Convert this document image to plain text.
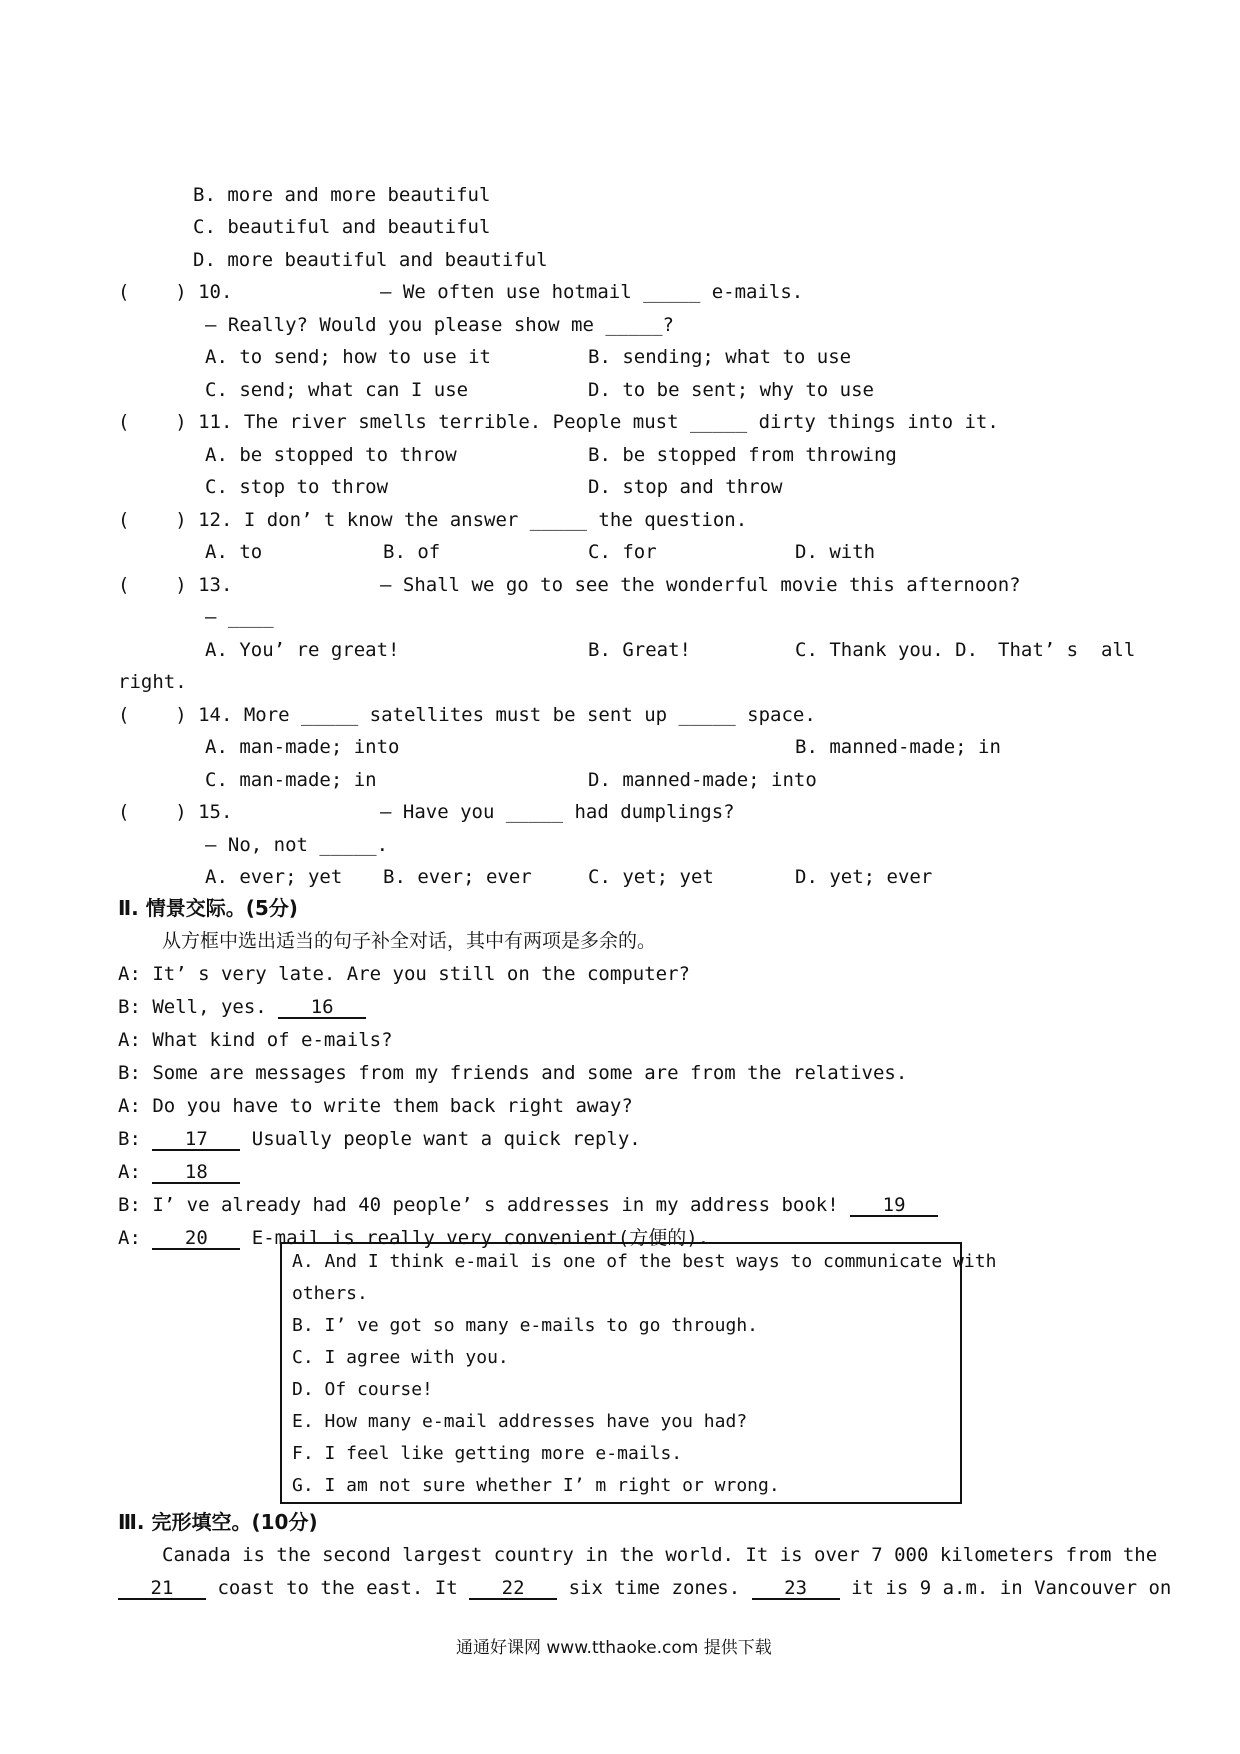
B. more and more beautiful
C. beautiful and beautiful
D. more beautiful and beautiful
(    ) 10.	— We often use hotmail _____ e-mails.
— Really? Would you please show me _____?
A. to send; how to use it	B. sending; what to use
C. send; what can I use	D. to be sent; why to use
(    ) 11. The river smells terrible. People must _____ dirty things into it.
A. be stopped to throw	B. be stopped from throwing
C. stop to throw	D. stop and throw
(    ) 12. I don’ t know the answer _____ the question.
A. to	B. of	C. for	D. with
(    ) 13.	— Shall we go to see the wonderful movie this afternoon?
— ____
A. You’ re great!	B. Great!	C. Thank you. D. That’ s  all
right.
(    ) 14. More _____ satellites must be sent up _____ space.
A. man-made; into	B. manned-made; in
C. man-made; in	D. manned-made; into
(    ) 15.	— Have you _____ had dumplings?
— No, not _____.
A. ever; yet B. ever; ever	C. yet; yet	D. yet; ever
Ⅱ. 情景交际。(5分)
从方框中选出适当的句子补全对话，其中有两项是多余的。
A: It’ s very late. Are you still on the computer?
B: Well, yes. 16
A: What kind of e-mails?
B: Some are messages from my friends and some are from the relatives.
A: Do you have to write them back right away?
B: 17 Usually people want a quick reply.
A: 18
B: I’ ve already had 40 people’ s addresses in my address book! 19
A: 20 E-mail is really very convenient(方便的).
A. And I think e-mail is one of the best ways to communicate with
others.
B. I’ ve got so many e-mails to go through.
C. I agree with you.
D. Of course!
E. How many e-mail addresses have you had?
F. I feel like getting more e-mails.
G. I am not sure whether I’ m right or wrong.
Ⅲ. 完形填空。(10分)
Canada is the second largest country in the world. It is over 7 000 kilometers from the
21 coast to the east. It 22 six time zones. 23 it is 9 a.m. in Vancouver on
通通好课网 www.tthaoke.com 提供下载
